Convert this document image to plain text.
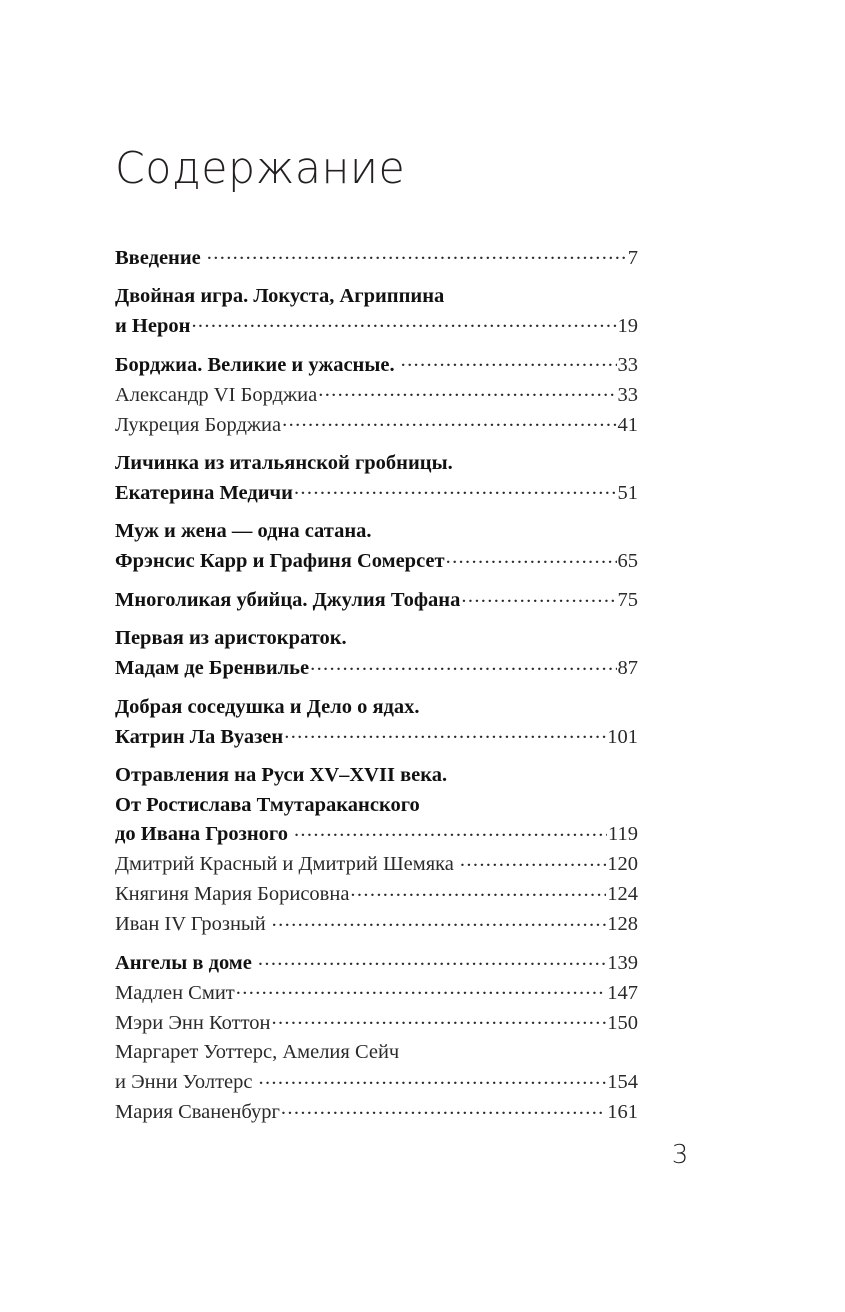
Содержание
Введение .....	7
Двойная игра. Локуста, Агриппина
и Нерон .....	19
Борджиа. Великие и ужасные. .....	33
Александр VI Борджиа .....	33
Лукреция Борджиа .....	41
Личинка из итальянской гробницы.
Екатерина Медичи .....	51
Муж и жена — одна сатана.
Фрэнсис Карр и Графиня Сомерсет .....	65
Многоликая убийца. Джулия Тофана .....	75
Первая из аристократок.
Мадам де Бренвилье .....	87
Добрая соседушка и Дело о ядах.
Катрин Ла Вуазен .....	101
Отравления на Руси XV–XVII века.
От Ростислава Тмутараканского
до Ивана Грозного .....	119
Дмитрий Красный и Дмитрий Шемяка .....	120
Княгиня Мария Борисовна .....	124
Иван IV Грозный .....	128
Ангелы в доме .....	139
Мадлен Смит .....	147
Мэри Энн Коттон .....	150
Маргарет Уоттерс, Амелия Сейч
и Энни Уолтерс .....	154
Мария Сваненбург .....	161
3
